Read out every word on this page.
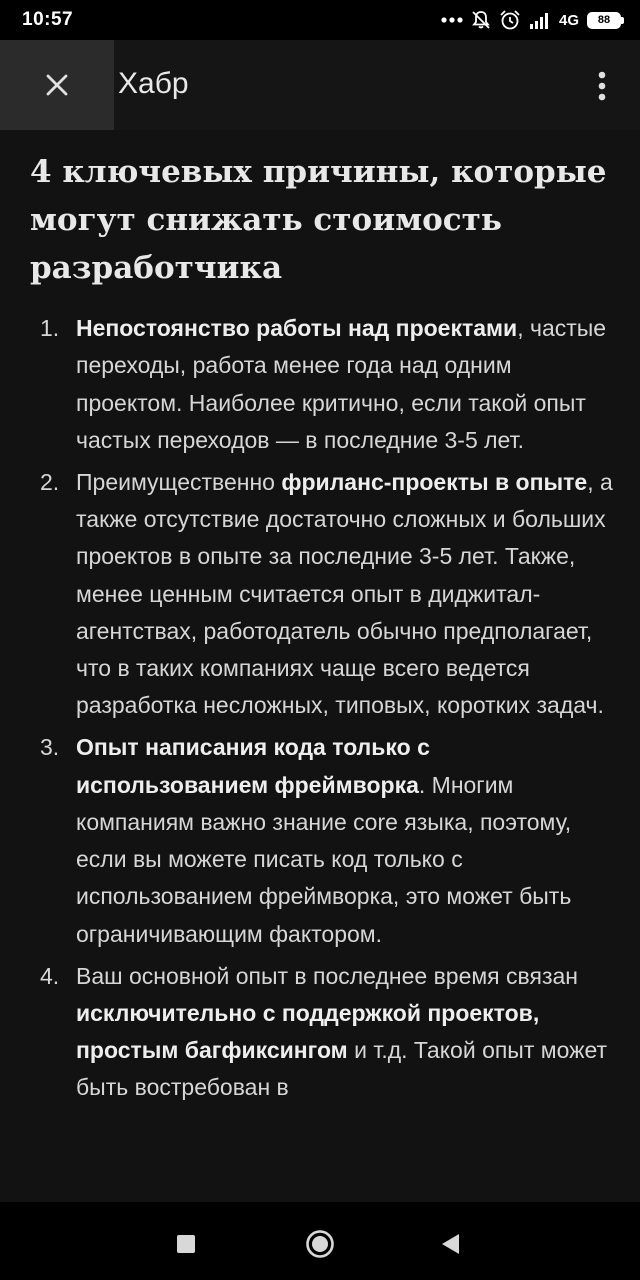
10:57	4G	88
Хабр
4 ключевых причины, которые могут снижать стоимость разработчика
1. Непостоянство работы над проектами, частые переходы, работа менее года над одним проектом. Наиболее критично, если такой опыт частых переходов — в последние 3-5 лет.
2. Преимущественно фриланс-проекты в опыте, а также отсутствие достаточно сложных и больших проектов в опыте за последние 3-5 лет. Также, менее ценным считается опыт в диджитал-агентствах, работодатель обычно предполагает, что в таких компаниях чаще всего ведется разработка несложных, типовых, коротких задач.
3. Опыт написания кода только с использованием фреймворка. Многим компаниям важно знание core языка, поэтому, если вы можете писать код только с использованием фреймворка, это может быть ограничивающим фактором.
4. Ваш основной опыт в последнее время связан исключительно с поддержкой проектов, простым багфиксингом и т.д. Такой опыт может быть востребован в
